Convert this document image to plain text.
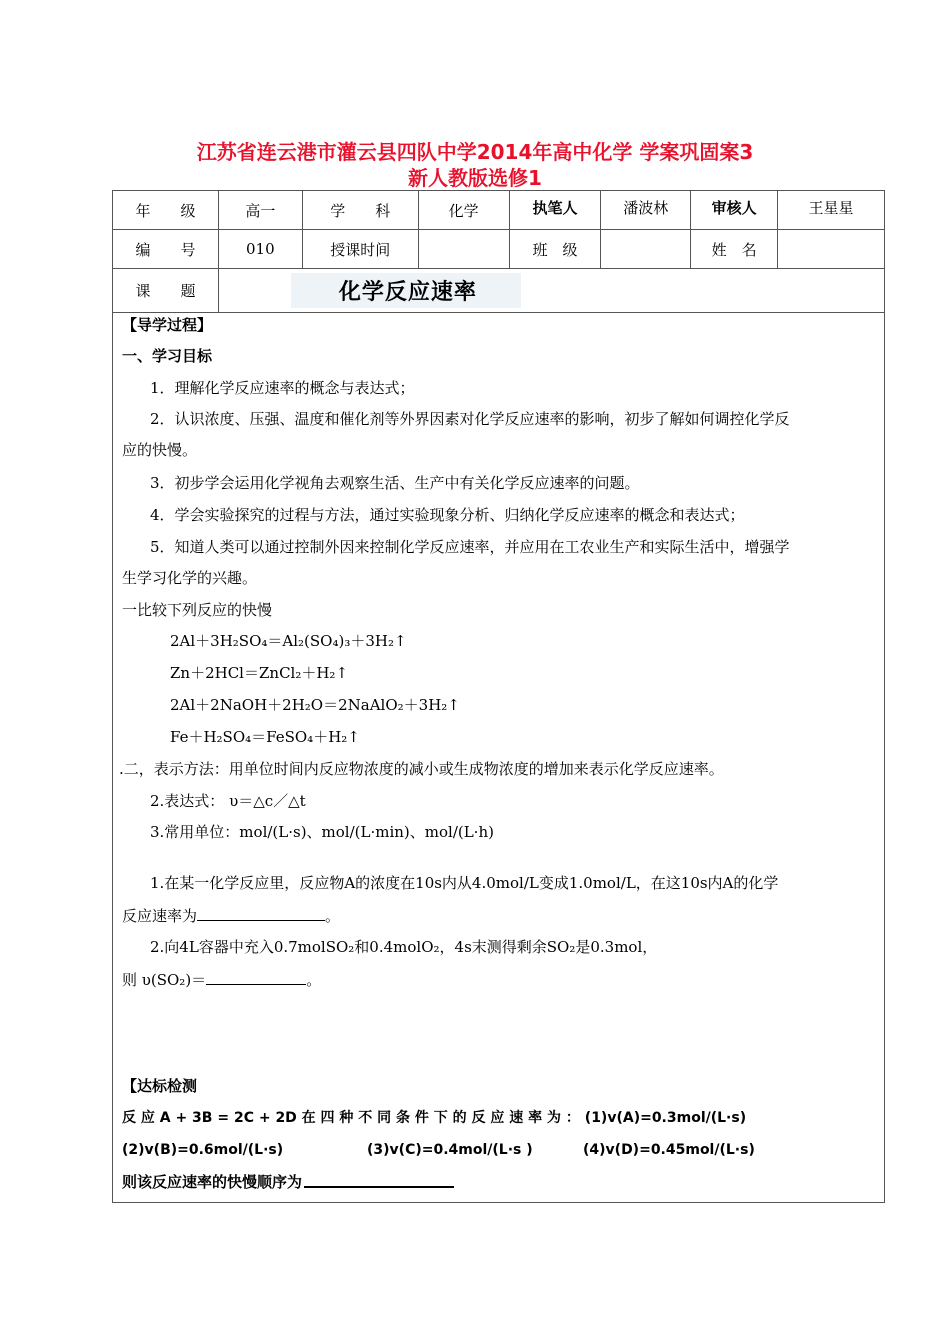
江苏省连云港市灌云县四队中学2014年高中化学 学案巩固案3
新人教版选修1
年　　级	高一	学　　科	化学	执笔人	潘波林	审核人	王星星
编　　号	010	授课时间		班　级		姓　名	
课　　题	化学反应速率						
【导学过程】
一、学习目标
1．理解化学反应速率的概念与表达式；
2．认识浓度、压强、温度和催化剂等外界因素对化学反应速率的影响，初步了解如何调控化学反
应的快慢。
3．初步学会运用化学视角去观察生活、生产中有关化学反应速率的问题。
4．学会实验探究的过程与方法，通过实验现象分析、归纳化学反应速率的概念和表达式；
5．知道人类可以通过控制外因来控制化学反应速率，并应用在工农业生产和实际生活中，增强学
生学习化学的兴趣。
一比较下列反应的快慢
2Al＋3H₂SO₄＝Al₂(SO₄)₃＋3H₂↑
Zn＋2HCl＝ZnCl₂＋H₂↑
2Al＋2NaOH＋2H₂O＝2NaAlO₂＋3H₂↑
Fe＋H₂SO₄＝FeSO₄＋H₂↑
.二，表示方法：用单位时间内反应物浓度的减小或生成物浓度的增加来表示化学反应速率。
2.表达式： υ＝△c／△t
3.常用单位：mol/(L·s)、mol/(L·min)、mol/(L·h)
1.在某一化学反应里，反应物A的浓度在10s内从4.0mol/L变成1.0mol/L，在这10s内A的化学
反应速率为	。
2.向4L容器中充入0.7molSO₂和0.4molO₂，4s末测得剩余SO₂是0.3mol，
则 υ(SO₂)＝	。
【达标检测
反 应 A + 3B = 2C + 2D 在 四 种 不 同 条 件 下 的 反 应 速 率 为 ： (1)v(A)=0.3mol/(L·s)
(2)v(B)=0.6mol/(L·s)	(3)v(C)=0.4mol/(L·s )	(4)v(D)=0.45mol/(L·s)
则该反应速率的快慢顺序为
